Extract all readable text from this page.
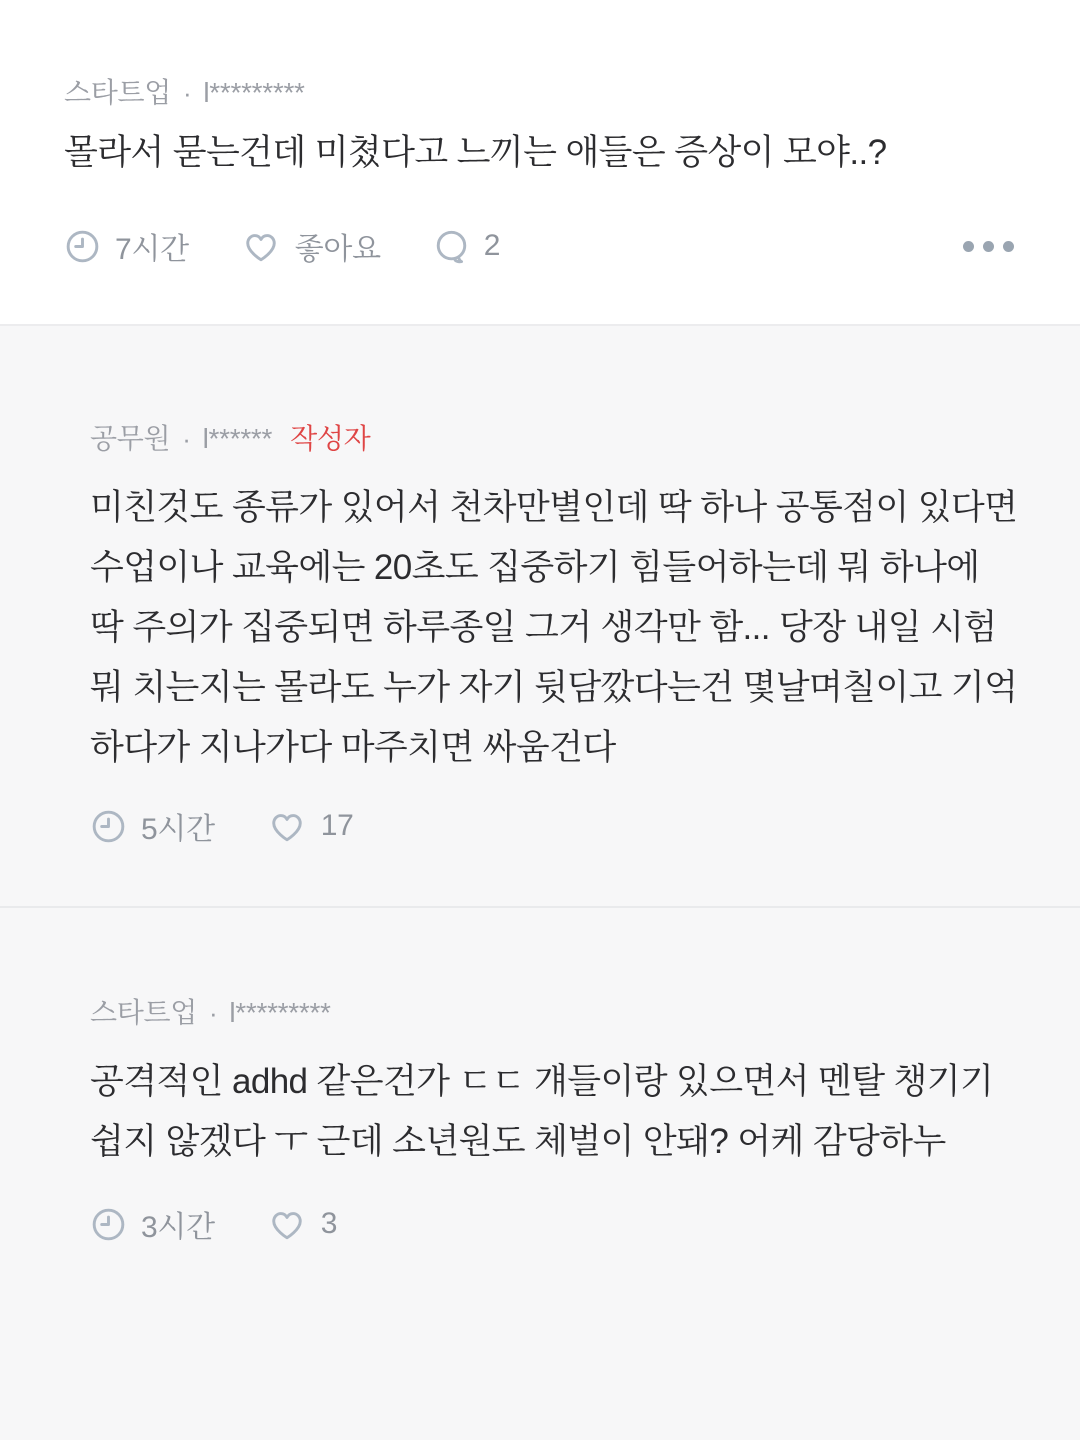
스타트업 · l*********
몰라서 묻는건데 미쳤다고 느끼는 애들은 증상이 모야..?
7시간	좋아요	2
공무원 · l****** 작성자
미친것도 종류가 있어서 천차만별인데 딱 하나 공통점이 있다면 수업이나 교육에는 20초도 집중하기 힘들어하는데 뭐 하나에 딱 주의가 집중되면 하루종일 그거 생각만 함... 당장 내일 시험 뭐 치는지는 몰라도 누가 자기 뒷담깠다는건 몇날며칠이고 기억하다가 지나가다 마주치면 싸움건다
5시간	17
스타트업 · l*********
공격적인 adhd 같은건가 ㄷㄷ 걔들이랑 있으면서 멘탈 챙기기 쉽지 않겠다 ㅜ 근데 소년원도 체벌이 안돼? 어케 감당하누
3시간	3
